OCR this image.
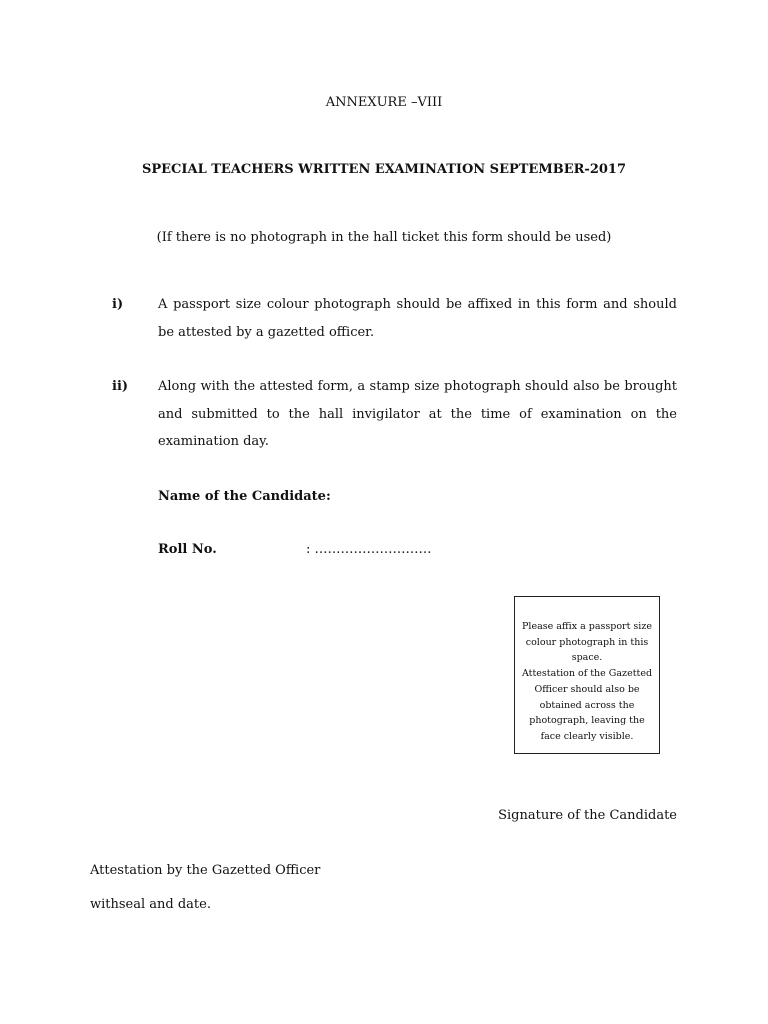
ANNEXURE –VIII
SPECIAL TEACHERS WRITTEN EXAMINATION SEPTEMBER-2017
(If there is no photograph in the hall ticket this form should be used)
i)	A passport size colour photograph should be affixed in this form and should be attested by a gazetted officer.
ii) Along with the attested form, a stamp size photograph should also be brought and submitted to the hall invigilator at the time of examination on the examination day.
Name of the Candidate:
Roll No.	: ………………………
Please affix a passport size
colour photograph in this
space.
Attestation of the Gazetted
Officer should also be
obtained across the
photograph, leaving the
face clearly visible.
Signature of the Candidate
Attestation by the Gazetted Officer
withseal and date.
